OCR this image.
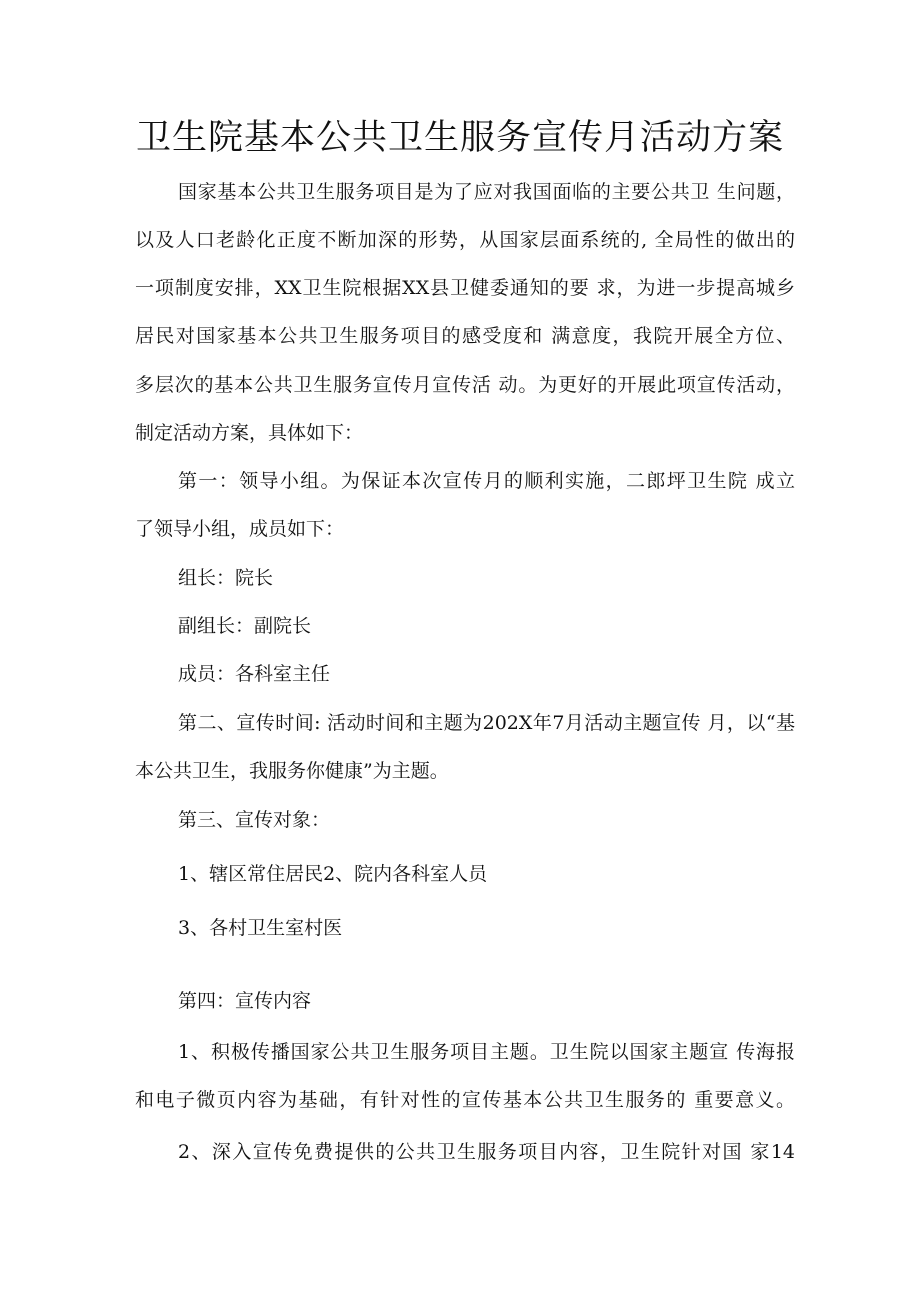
卫生院基本公共卫生服务宣传月活动方案
国家基本公共卫生服务项目是为了应对我国面临的主要公共卫 生问题，
以及人口老龄化正度不断加深的形势，从国家层面系统的, 全局性的做出的
一项制度安排，XX卫生院根据XX县卫健委通知的要 求，为进一步提高城乡
居民对国家基本公共卫生服务项目的感受度和 满意度，我院开展全方位、
多层次的基本公共卫生服务宣传月宣传活 动。为更好的开展此项宣传活动，
制定活动方案，具体如下：
第一：领导小组。为保证本次宣传月的顺利实施，二郎坪卫生院 成立
了领导小组，成员如下：
组长：院长
副组长：副院长
成员：各科室主任
第二、宣传时间: 活动时间和主题为202X年7月活动主题宣传 月，以“基
本公共卫生，我服务你健康”为主题。
第三、宣传对象：
1、辖区常住居民2、院内各科室人员
3、各村卫生室村医
第四：宣传内容
1、积极传播国家公共卫生服务项目主题。卫生院以国家主题宣 传海报
和电子微页内容为基础，有针对性的宣传基本公共卫生服务的 重要意义。
2、深入宣传免费提供的公共卫生服务项目内容，卫生院针对国 家14
